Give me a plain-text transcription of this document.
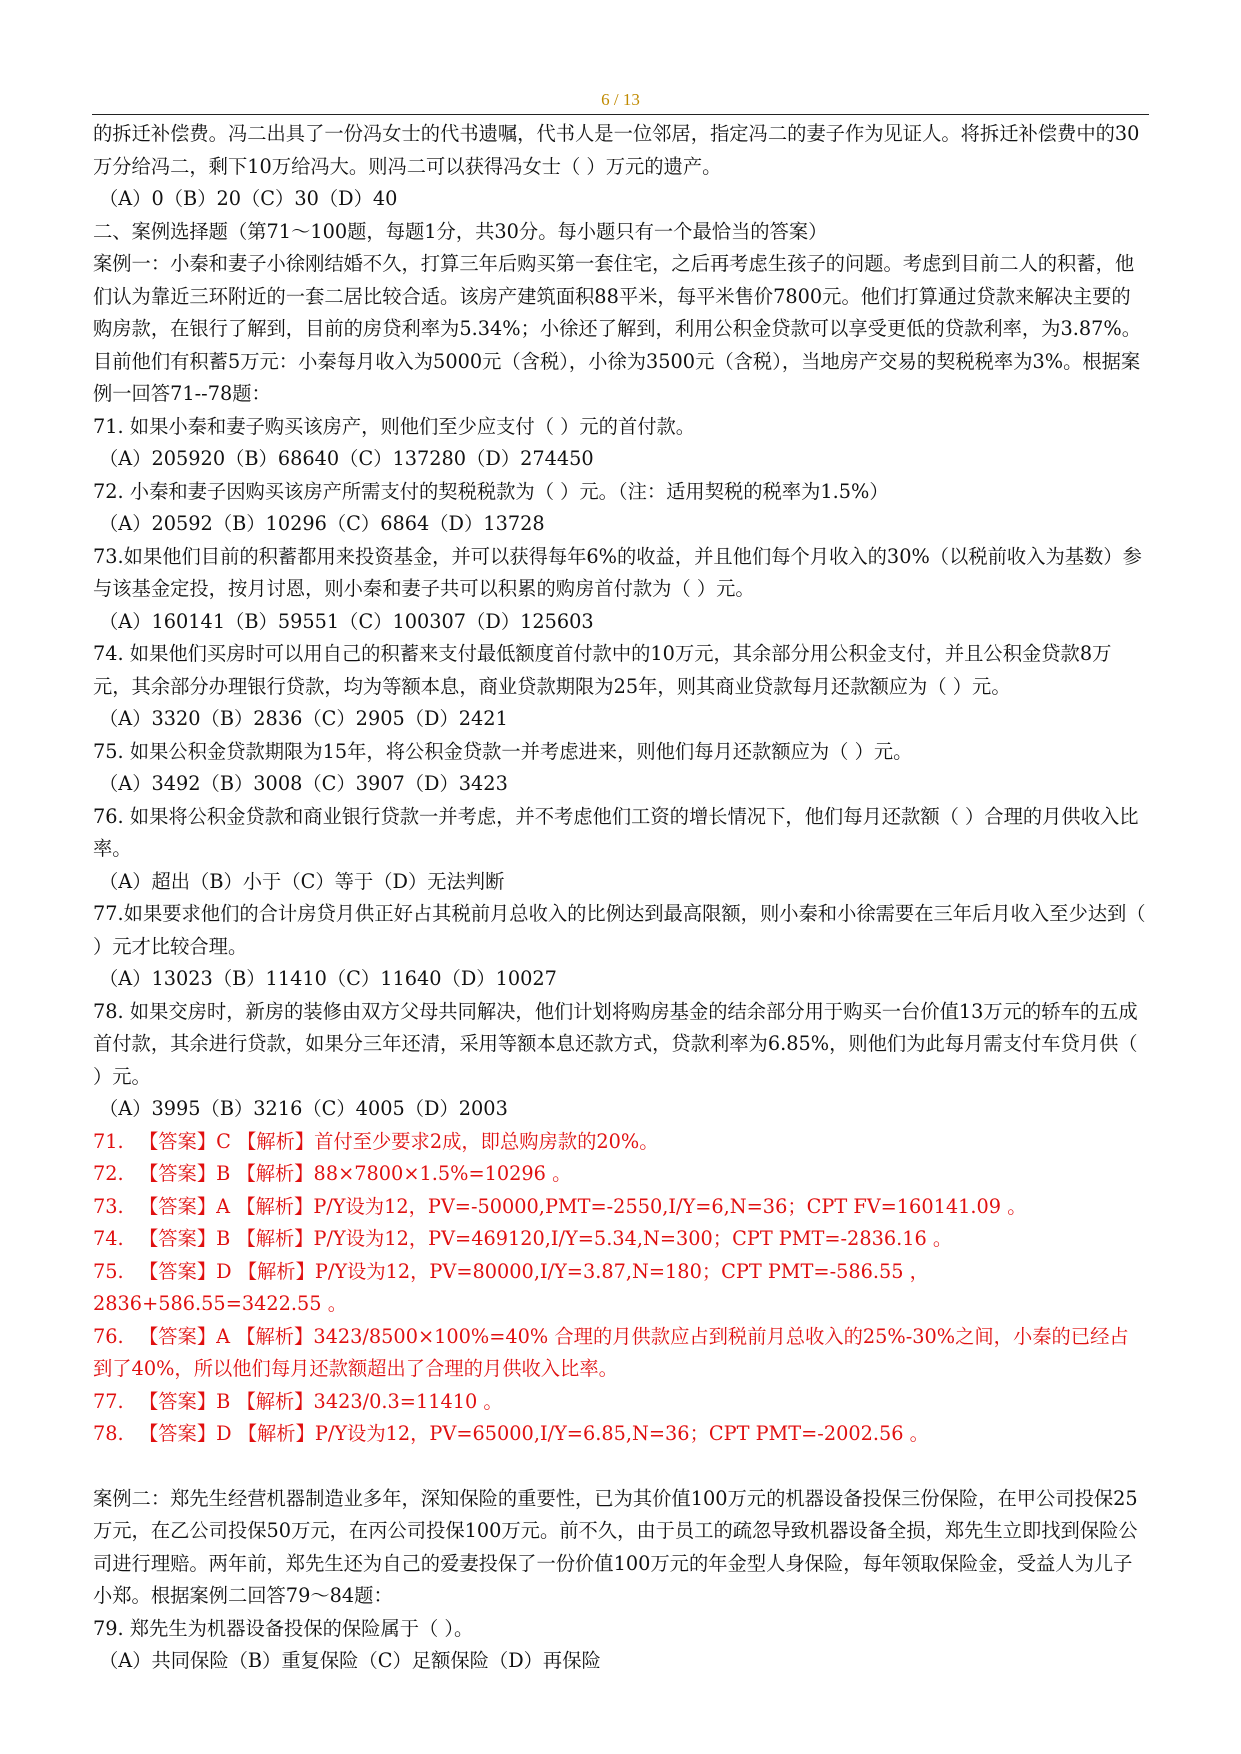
6 / 13

的拆迁补偿费。冯二出具了一份冯女士的代书遗嘱，代书人是一位邻居，指定冯二的妻子作为见证人。将拆迁补偿费中的30万分给冯二，剩下10万给冯大。则冯二可以获得冯女士（ ）万元的遗产。

（A）0（B）20（C）30（D）40

二、案例选择题（第71～100题，每题1分，共30分。每小题只有一个最恰当的答案）

案例一：小秦和妻子小徐刚结婚不久，打算三年后购买第一套住宅，之后再考虑生孩子的问题。考虑到目前二人的积蓄，他们认为靠近三环附近的一套二居比较合适。该房产建筑面积88平米，每平米售价7800元。他们打算通过贷款来解决主要的购房款，在银行了解到，目前的房贷利率为5.34%；小徐还了解到，利用公积金贷款可以享受更低的贷款利率，为3.87%。目前他们有积蓄5万元：小秦每月收入为5000元（含税），小徐为3500元（含税），当地房产交易的契税税率为3%。根据案例一回答71--78题：

71. 如果小秦和妻子购买该房产，则他们至少应支付（ ）元的首付款。

（A）205920（B）68640（C）137280（D）274450

72. 小秦和妻子因购买该房产所需支付的契税税款为（ ）元。（注：适用契税的税率为1.5%）

（A）20592（B）10296（C）6864（D）13728

73.如果他们目前的积蓄都用来投资基金，并可以获得每年6%的收益，并且他们每个月收入的30%（以税前收入为基数）参与该基金定投，按月讨恩，则小秦和妻子共可以积累的购房首付款为（ ）元。

（A）160141（B）59551（C）100307（D）125603

74. 如果他们买房时可以用自己的积蓄来支付最低额度首付款中的10万元，其余部分用公积金支付，并且公积金贷款8万元，其余部分办理银行贷款，均为等额本息，商业贷款期限为25年，则其商业贷款每月还款额应为（ ）元。

（A）3320（B）2836（C）2905（D）2421

75. 如果公积金贷款期限为15年，将公积金贷款一并考虑进来，则他们每月还款额应为（ ）元。

（A）3492（B）3008（C）3907（D）3423

76. 如果将公积金贷款和商业银行贷款一并考虑，并不考虑他们工资的增长情况下，他们每月还款额（ ）合理的月供收入比率。

（A）超出（B）小于（C）等于（D）无法判断

77.如果要求他们的合计房贷月供正好占其税前月总收入的比例达到最高限额，则小秦和小徐需要在三年后月收入至少达到（ ）元才比较合理。

（A）13023（B）11410（C）11640（D）10027

78. 如果交房时，新房的装修由双方父母共同解决，他们计划将购房基金的结余部分用于购买一台价值13万元的轿车的五成首付款，其余进行贷款，如果分三年还清，采用等额本息还款方式，贷款利率为6.85%，则他们为此每月需支付车贷月供（ ）元。

（A）3995（B）3216（C）4005（D）2003

71. 【答案】C 【解析】首付至少要求2成，即总购房款的20%。

72. 【答案】B 【解析】88×7800×1.5%=10296 。

73. 【答案】A 【解析】P/Y设为12，PV=-50000,PMT=-2550,I/Y=6,N=36；CPT FV=160141.09 。

74. 【答案】B 【解析】P/Y设为12，PV=469120,I/Y=5.34,N=300；CPT PMT=-2836.16 。

75. 【答案】D 【解析】P/Y设为12，PV=80000,I/Y=3.87,N=180；CPT PMT=-586.55 ，2836+586.55=3422.55 。

76. 【答案】A 【解析】3423/8500×100%=40% 合理的月供款应占到税前月总收入的25%-30%之间，小秦的已经占到了40%，所以他们每月还款额超出了合理的月供收入比率。

77. 【答案】B 【解析】3423/0.3=11410 。

78. 【答案】D 【解析】P/Y设为12，PV=65000,I/Y=6.85,N=36；CPT PMT=-2002.56 。

案例二：郑先生经营机器制造业多年，深知保险的重要性，已为其价值100万元的机器设备投保三份保险，在甲公司投保25万元，在乙公司投保50万元，在丙公司投保100万元。前不久，由于员工的疏忽导致机器设备全损，郑先生立即找到保险公司进行理赔。两年前，郑先生还为自己的爱妻投保了一份价值100万元的年金型人身保险，每年领取保险金，受益人为儿子小郑。根据案例二回答79～84题：

79. 郑先生为机器设备投保的保险属于（ ）。

（A）共同保险（B）重复保险（C）足额保险（D）再保险
